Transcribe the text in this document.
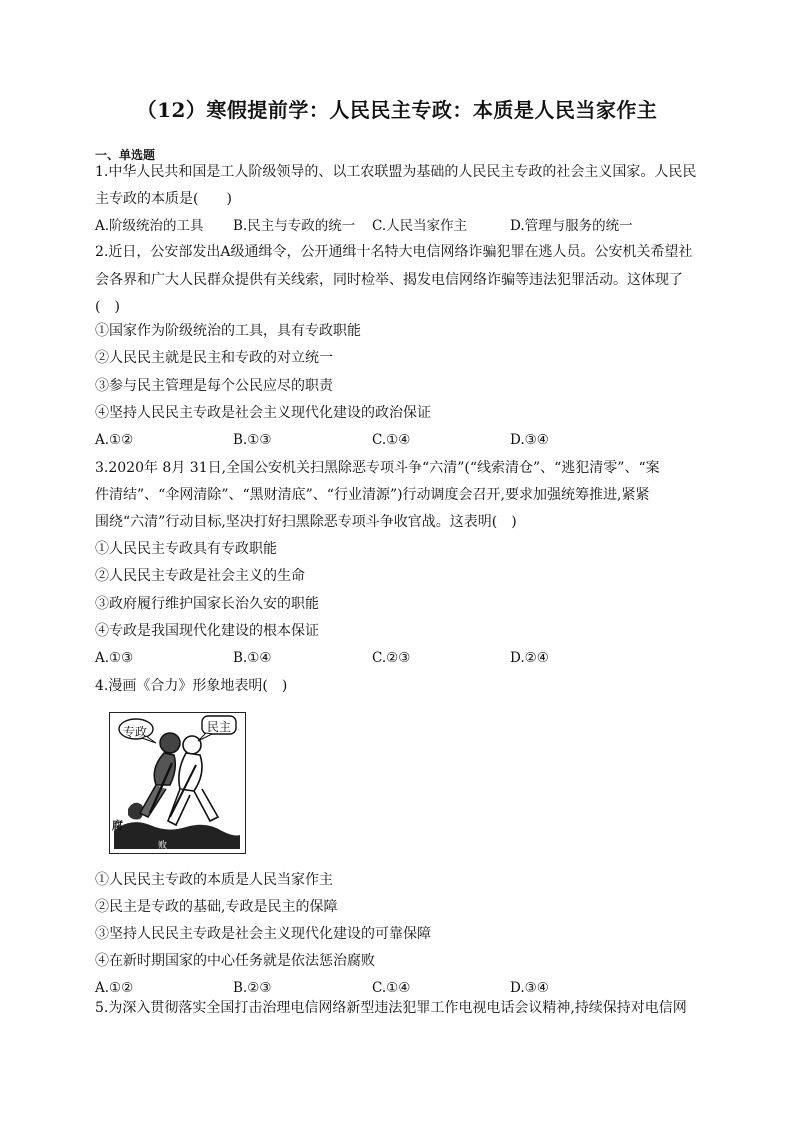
（12）寒假提前学：人民民主专政：本质是人民当家作主
一、单选题
1.中华人民共和国是工人阶级领导的、以工农联盟为基础的人民民主专政的社会主义国家。人民民
主专政的本质是(　　)
A.阶级统治的工具 B.民主与专政的统一 C.人民当家作主	D.管理与服务的统一
2.近日，公安部发出A级通缉令，公开通缉十名特大电信网络诈骗犯罪在逃人员。公安机关希望社
会各界和广大人民群众提供有关线索，同时检举、揭发电信网络诈骗等违法犯罪活动。这体现了
(　)
①国家作为阶级统治的工具，具有专政职能
②人民民主就是民主和专政的对立统一
③参与民主管理是每个公民应尽的职责
④坚持人民民主专政是社会主义现代化建设的政治保证
A.①②	B.①③	C.①④	D.③④
3.2020年 8月 31日,全国公安机关扫黑除恶专项斗争“六清”(“线索清仓”、“逃犯清零”、“案
件清结”、“伞网清除”、“黑财清底”、“行业清源”)行动调度会召开,要求加强统筹推进,紧紧
围绕“六清”行动目标,坚决打好扫黑除恶专项斗争收官战。这表明(　)
①人民民主专政具有专政职能
②人民民主专政是社会主义的生命
③政府履行维护国家长治久安的职能
④专政是我国现代化建设的根本保证
A.①③	B.①④	C.②③	D.②④
4.漫画《合力》形象地表明(　)
专政	民主
腐
败
①人民民主专政的本质是人民当家作主
②民主是专政的基础,专政是民主的保障
③坚持人民民主专政是社会主义现代化建设的可靠保障
④在新时期国家的中心任务就是依法惩治腐败
A.①②	B.②③	C.①④	D.③④
5.为深入贯彻落实全国打击治理电信网络新型违法犯罪工作电视电话会议精神,持续保持对电信网
